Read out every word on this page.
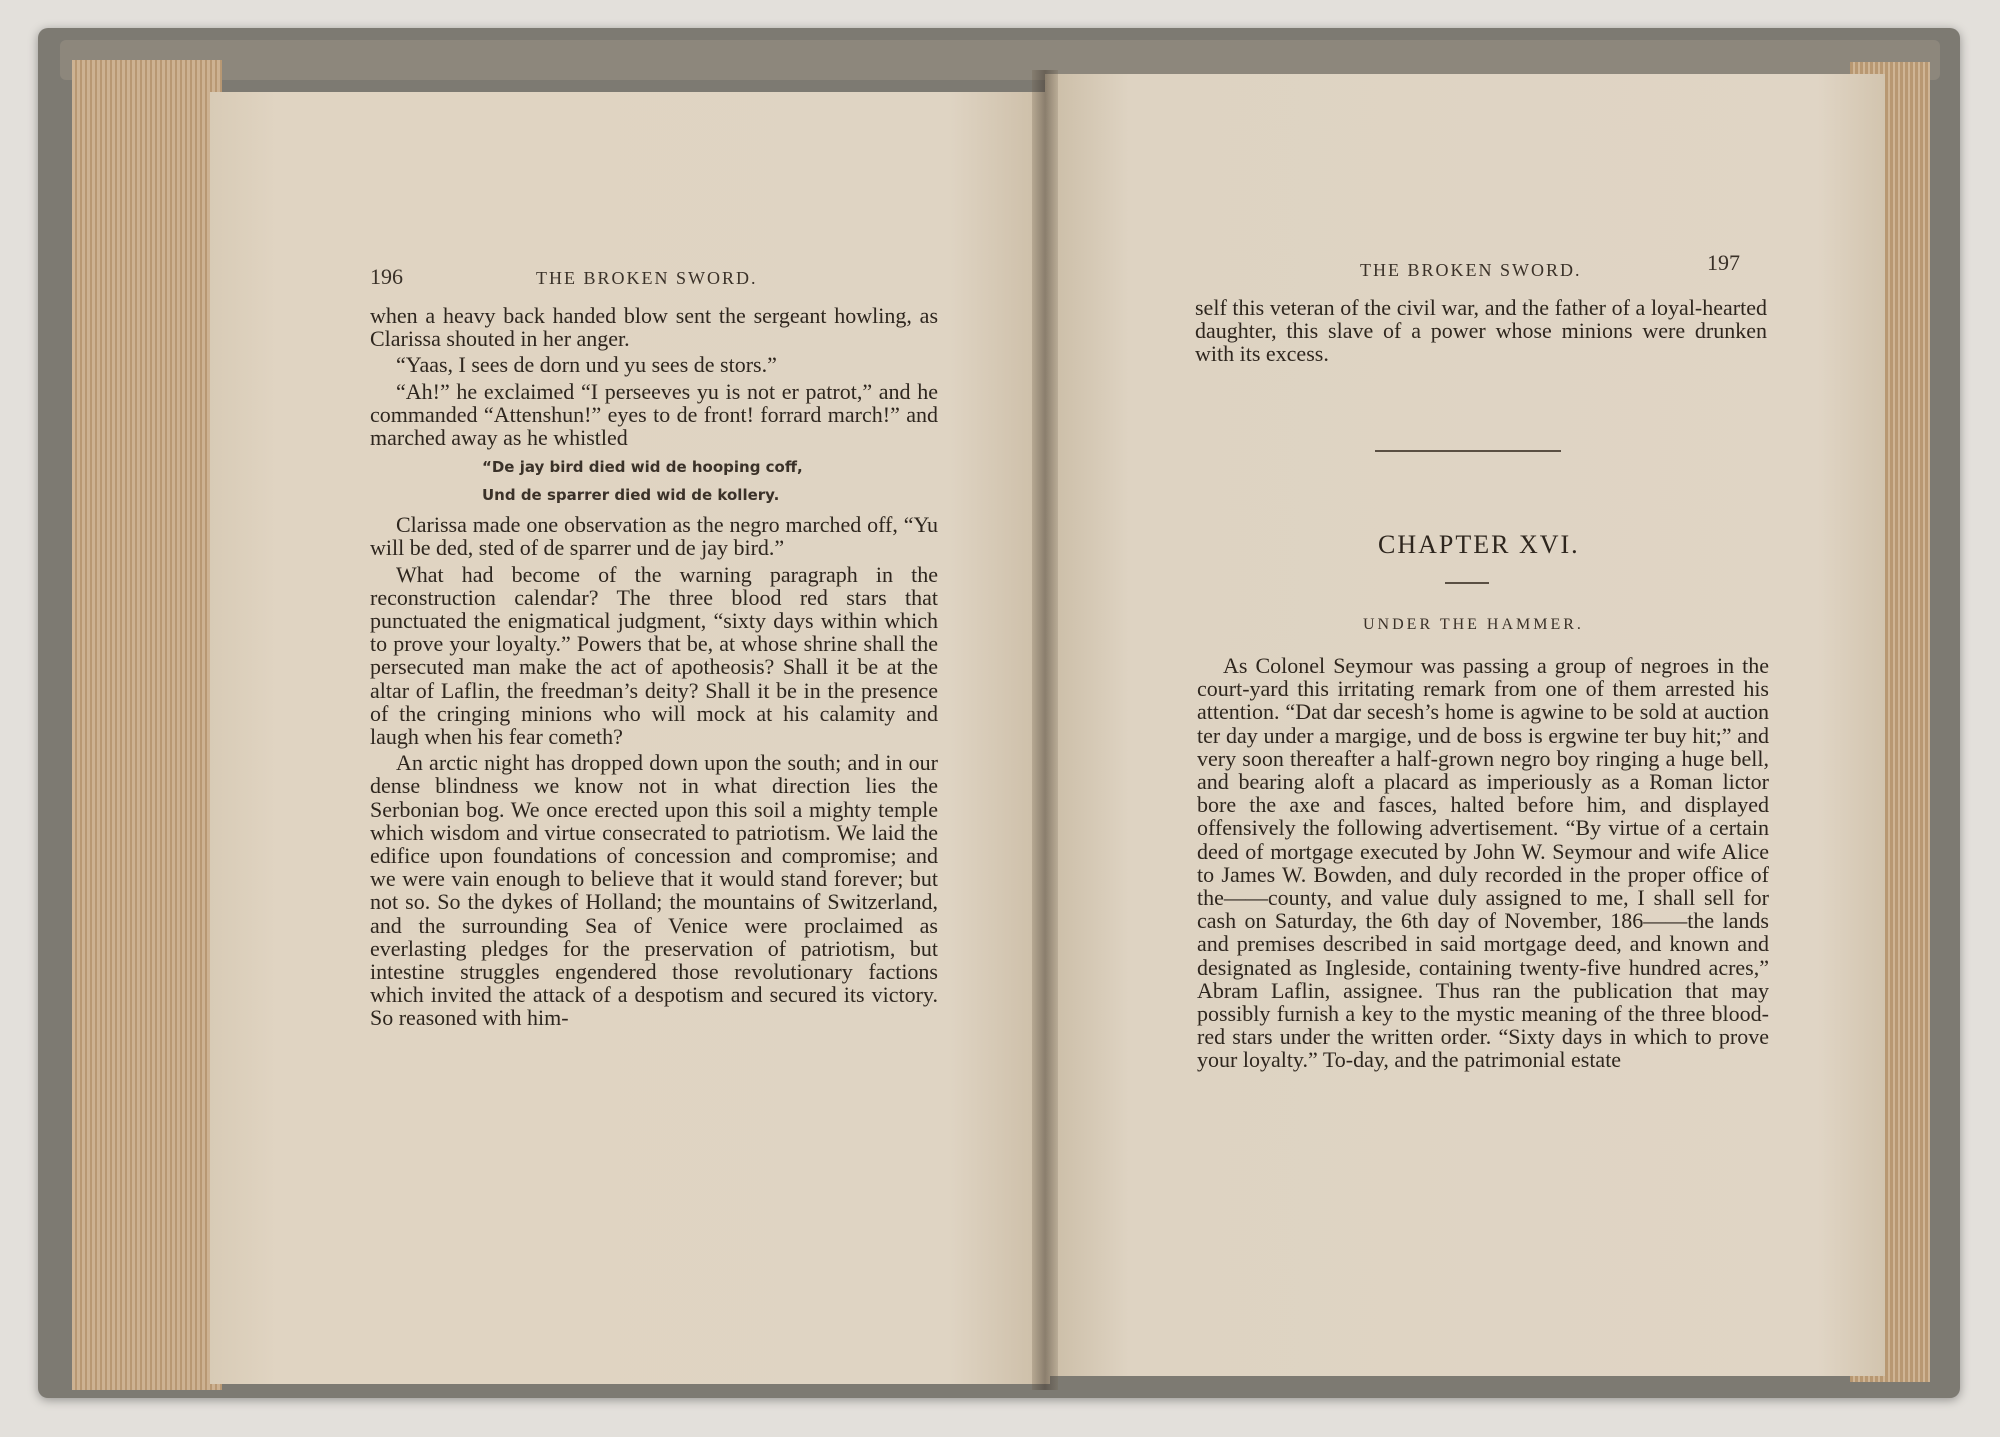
196	THE BROKEN SWORD.

when a heavy back handed blow sent the sergeant howling, as Clarissa shouted in her anger.

“Yaas, I sees de dorn und yu sees de stors.”

“Ah!” he exclaimed “I perseeves yu is not er patrot,” and he commanded “Attenshun!” eyes to de front! forrard march!” and marched away as he whistled

“De jay bird died wid de hooping coff,
Und de sparrer died wid de kollery.

Clarissa made one observation as the negro marched off, “Yu will be ded, sted of de sparrer und de jay bird.”

What had become of the warning paragraph in the reconstruction calendar? The three blood red stars that punctuated the enigmatical judgment, “sixty days within which to prove your loyalty.” Powers that be, at whose shrine shall the persecuted man make the act of apotheosis? Shall it be at the altar of Laflin, the freedman’s deity? Shall it be in the presence of the cringing minions who will mock at his calamity and laugh when his fear cometh?

An arctic night has dropped down upon the south; and in our dense blindness we know not in what direction lies the Serbonian bog. We once erected upon this soil a mighty temple which wisdom and virtue consecrated to patriotism. We laid the edifice upon foundations of concession and compromise; and we were vain enough to believe that it would stand forever; but not so. So the dykes of Holland; the mountains of Switzerland, and the surrounding Sea of Venice were proclaimed as everlasting pledges for the preservation of patriotism, but intestine struggles engendered those revolutionary factions which invited the attack of a despotism and secured its victory. So reasoned with him-

THE BROKEN SWORD.	197

self this veteran of the civil war, and the father of a loyal-hearted daughter, this slave of a power whose minions were drunken with its excess.

CHAPTER XVI.
UNDER THE HAMMER.

As Colonel Seymour was passing a group of negroes in the court-yard this irritating remark from one of them arrested his attention. “Dat dar secesh’s home is agwine to be sold at auction ter day under a margige, und de boss is ergwine ter buy hit;” and very soon thereafter a half-grown negro boy ringing a huge bell, and bearing aloft a placard as imperiously as a Roman lictor bore the axe and fasces, halted before him, and displayed offensively the following advertisement. “By virtue of a certain deed of mortgage executed by John W. Seymour and wife Alice to James W. Bowden, and duly recorded in the proper office of the——county, and value duly assigned to me, I shall sell for cash on Saturday, the 6th day of November, 186——the lands and premises described in said mortgage deed, and known and designated as Ingleside, containing twenty-five hundred acres,” Abram Laflin, assignee. Thus ran the publication that may possibly furnish a key to the mystic meaning of the three blood-red stars under the written order. “Sixty days in which to prove your loyalty.” To-day, and the patrimonial estate
